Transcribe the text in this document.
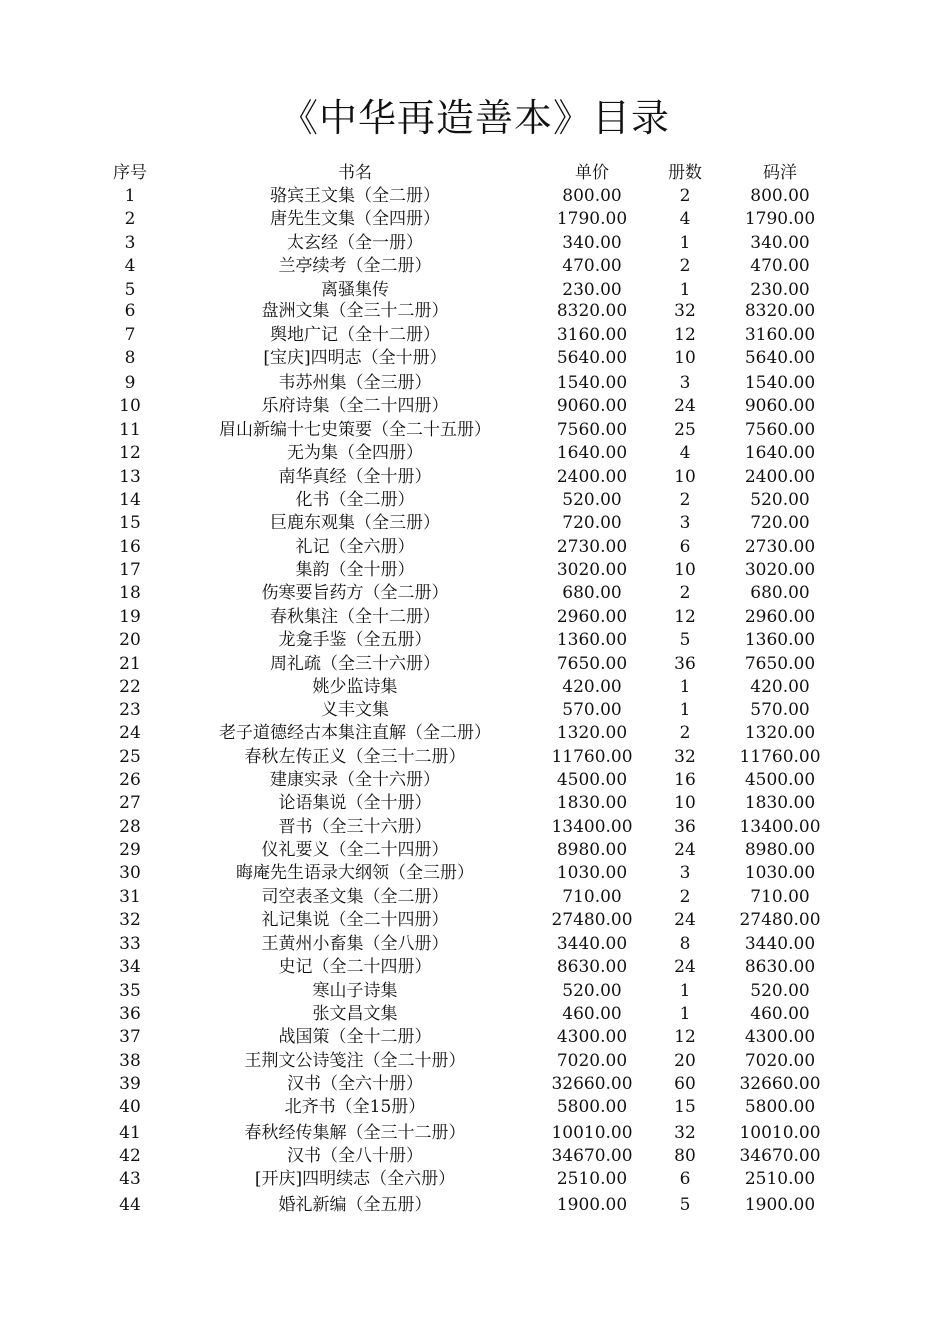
《中华再造善本》目录
序号	书名	单价	册数	码洋
1	骆宾王文集（全二册）	800.00	2	800.00
2	唐先生文集（全四册）	1790.00	4	1790.00
3	太玄经（全一册）	340.00	1	340.00
4	兰亭续考（全二册）	470.00	2	470.00
5	离骚集传	230.00	1	230.00
6	盘洲文集（全三十二册）	8320.00	32	8320.00
7	舆地广记（全十二册）	3160.00	12	3160.00
8	[宝庆]四明志（全十册）	5640.00	10	5640.00
9	韦苏州集（全三册）	1540.00	3	1540.00
10	乐府诗集（全二十四册）	9060.00	24	9060.00
11	眉山新编十七史策要（全二十五册）	7560.00	25	7560.00
12	无为集（全四册）	1640.00	4	1640.00
13	南华真经（全十册）	2400.00	10	2400.00
14	化书（全二册）	520.00	2	520.00
15	巨鹿东观集（全三册）	720.00	3	720.00
16	礼记（全六册）	2730.00	6	2730.00
17	集韵（全十册）	3020.00	10	3020.00
18	伤寒要旨药方（全二册）	680.00	2	680.00
19	春秋集注（全十二册）	2960.00	12	2960.00
20	龙龛手鉴（全五册）	1360.00	5	1360.00
21	周礼疏（全三十六册）	7650.00	36	7650.00
22	姚少监诗集	420.00	1	420.00
23	义丰文集	570.00	1	570.00
24	老子道德经古本集注直解（全二册）	1320.00	2	1320.00
25	春秋左传正义（全三十二册）	11760.00	32	11760.00
26	建康实录（全十六册）	4500.00	16	4500.00
27	论语集说（全十册）	1830.00	10	1830.00
28	晋书（全三十六册）	13400.00	36	13400.00
29	仪礼要义（全二十四册）	8980.00	24	8980.00
30	晦庵先生语录大纲领（全三册）	1030.00	3	1030.00
31	司空表圣文集（全二册）	710.00	2	710.00
32	礼记集说（全二十四册）	27480.00	24	27480.00
33	王黄州小畜集（全八册）	3440.00	8	3440.00
34	史记（全二十四册）	8630.00	24	8630.00
35	寒山子诗集	520.00	1	520.00
36	张文昌文集	460.00	1	460.00
37	战国策（全十二册）	4300.00	12	4300.00
38	王荆文公诗笺注（全二十册）	7020.00	20	7020.00
39	汉书（全六十册）	32660.00	60	32660.00
40	北齐书（全15册）	5800.00	15	5800.00
41	春秋经传集解（全三十二册）	10010.00	32	10010.00
42	汉书（全八十册）	34670.00	80	34670.00
43	[开庆]四明续志（全六册）	2510.00	6	2510.00
44	婚礼新编（全五册）	1900.00	5	1900.00
